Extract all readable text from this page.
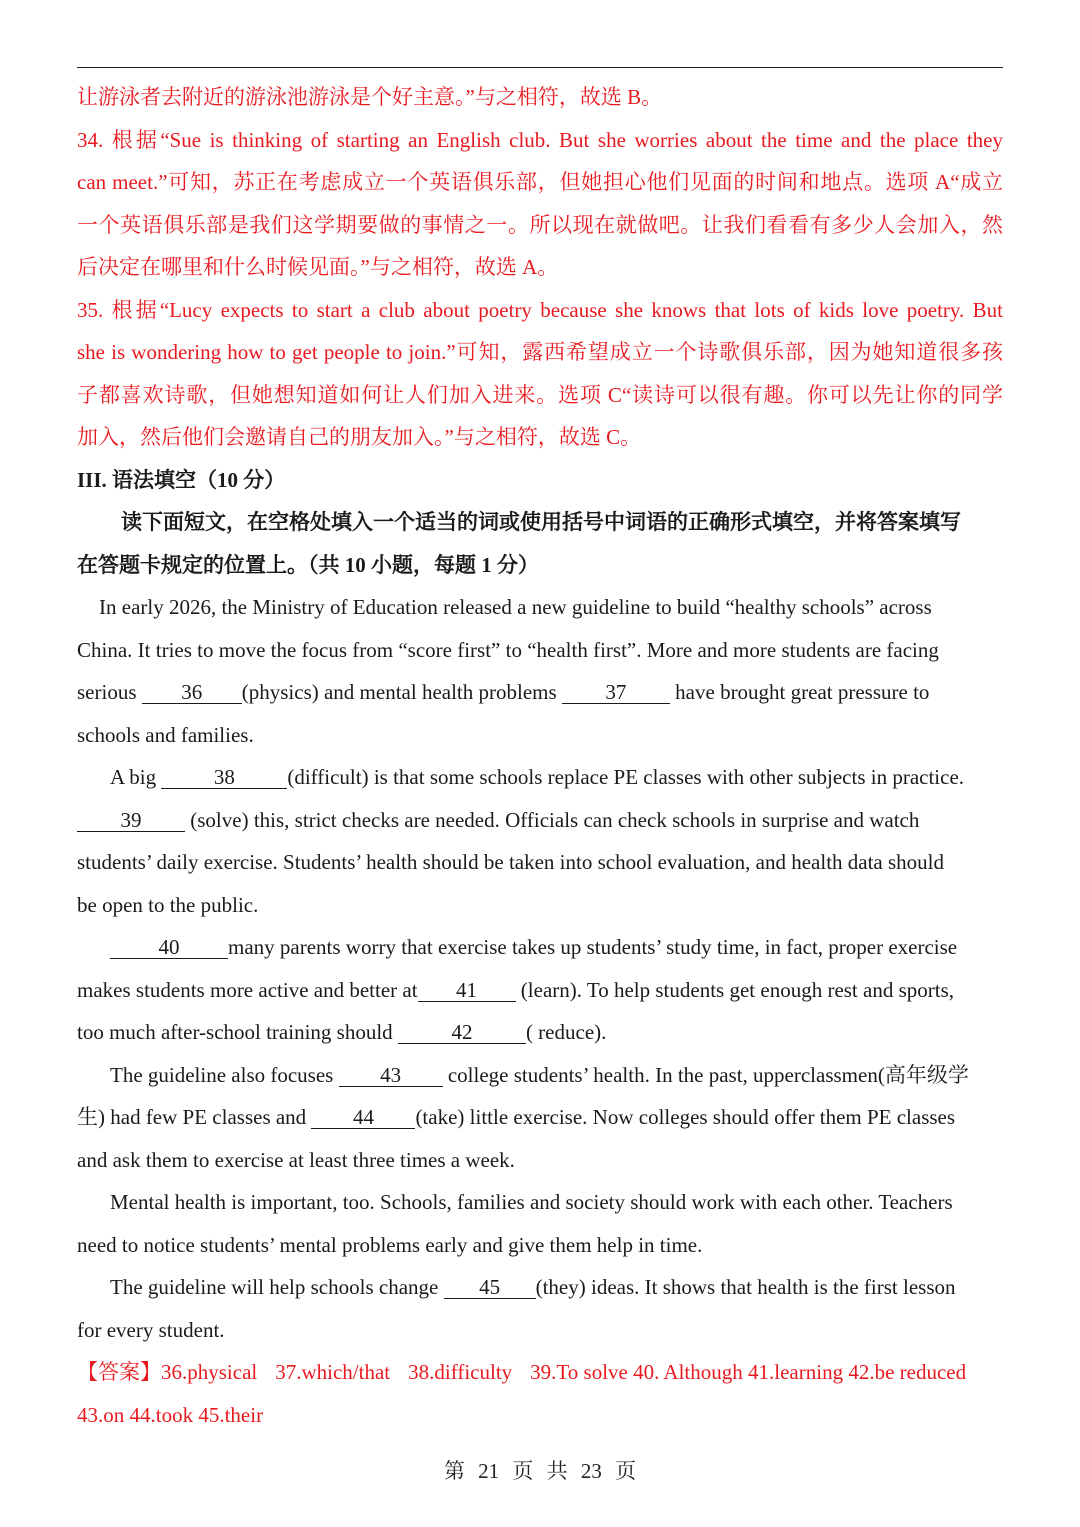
让游泳者去附近的游泳池游泳是个好主意。”与之相符，故选 B。
34. 根据“Sue is thinking of starting an English club. But she worries about the time and the place they
can meet.”可知，苏正在考虑成立一个英语俱乐部，但她担心他们见面的时间和地点。选项 A“成立
一个英语俱乐部是我们这学期要做的事情之一。所以现在就做吧。让我们看看有多少人会加入，然
后决定在哪里和什么时候见面。”与之相符，故选 A。
35. 根据“Lucy expects to start a club about poetry because she knows that lots of kids love poetry. But
she is wondering how to get people to join.”可知，露西希望成立一个诗歌俱乐部，因为她知道很多孩
子都喜欢诗歌，但她想知道如何让人们加入进来。选项 C“读诗可以很有趣。你可以先让你的同学
加入，然后他们会邀请自己的朋友加入。”与之相符，故选 C。
III. 语法填空（10 分）
读下面短文，在空格处填入一个适当的词或使用括号中词语的正确形式填空，并将答案填写
在答题卡规定的位置上。（共 10 小题，每题 1 分）
In early 2026, the Ministry of Education released a new guideline to build “healthy schools” across
China. It tries to move the focus from “score first” to “health first”. More and more students are facing
serious 36 (physics) and mental health problems 37 have brought great pressure to
schools and families.
A big	38	(difficult) is that some schools replace PE classes with other subjects in practice.
39 (solve) this, strict checks are needed. Officials can check schools in surprise and watch
students’ daily exercise. Students’ health should be taken into school evaluation, and health data should
be open to the public.
40 many parents worry that exercise takes up students’ study time, in fact, proper exercise
makes students more active and better at 41 (learn). To help students get enough rest and sports,
too much after-school training should	42	( reduce).
The guideline also focuses 43 college students’ health. In the past, upperclassmen(高年级学
生) had few PE classes and 44 (take) little exercise. Now colleges should offer them PE classes
and ask them to exercise at least three times a week.
Mental health is important, too. Schools, families and society should work with each other. Teachers
need to notice students’ mental problems early and give them help in time.
The guideline will help schools change 45 (they) ideas. It shows that health is the first lesson
for every student.
【答案】36.physical 37.which/that 38.difficulty 39.To solve 40. Although 41.learning 42.be reduced
43.on 44.took 45.their
第 21 页 共 23 页
